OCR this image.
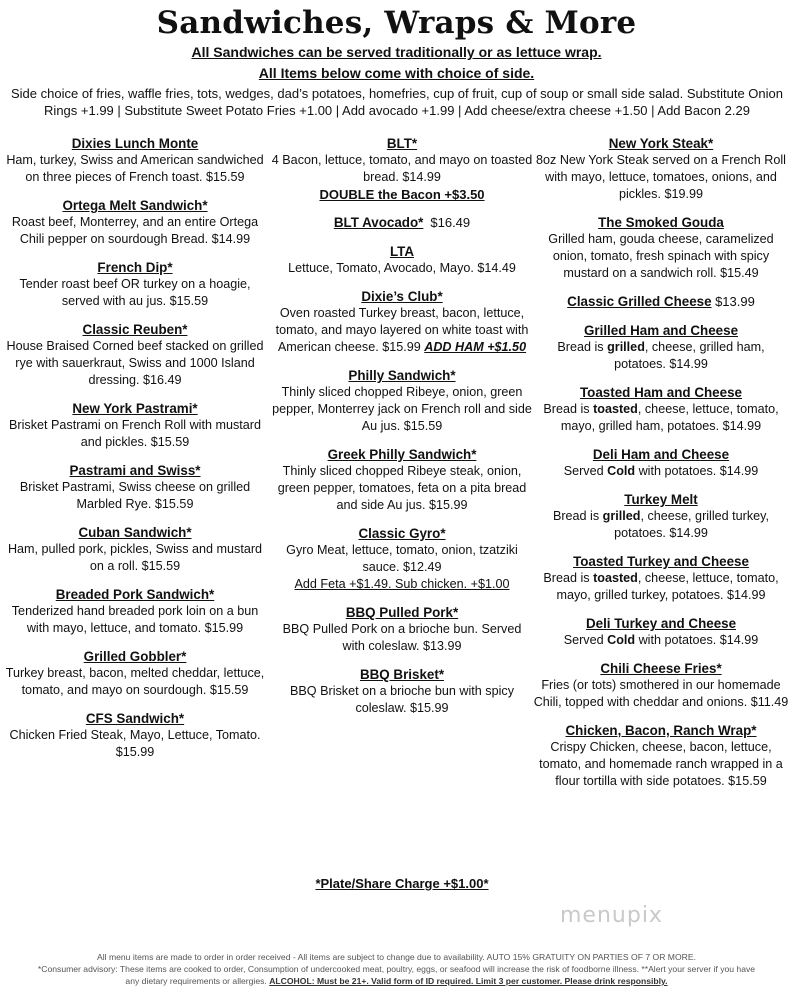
Sandwiches, Wraps & More
All Sandwiches can be served traditionally or as lettuce wrap.
All Items below come with choice of side.
Side choice of fries, waffle fries, tots, wedges, dad’s potatoes, homefries, cup of fruit, cup of soup or small side salad. Substitute Onion Rings +1.99 | Substitute Sweet Potato Fries +1.00 | Add avocado +1.99 | Add cheese/extra cheese +1.50 | Add Bacon 2.29
Dixies Lunch Monte
Ham, turkey, Swiss and American sandwiched on three pieces of French toast. $15.59
Ortega Melt Sandwich*
Roast beef, Monterrey, and an entire Ortega Chili pepper on sourdough Bread. $14.99
French Dip*
Tender roast beef OR turkey on a hoagie, served with au jus. $15.59
Classic Reuben*
House Braised Corned beef stacked on grilled rye with sauerkraut, Swiss and 1000 Island dressing. $16.49
New York Pastrami*
Brisket Pastrami on French Roll with mustard and pickles. $15.59
Pastrami and Swiss*
Brisket Pastrami, Swiss cheese on grilled Marbled Rye. $15.59
Cuban Sandwich*
Ham, pulled pork, pickles, Swiss and mustard on a roll. $15.59
Breaded Pork Sandwich*
Tenderized hand breaded pork loin on a bun with mayo, lettuce, and tomato. $15.99
Grilled Gobbler*
Turkey breast, bacon, melted cheddar, lettuce, tomato, and mayo on sourdough. $15.59
CFS Sandwich*
Chicken Fried Steak, Mayo, Lettuce, Tomato. $15.99
BLT*
4 Bacon, lettuce, tomato, and mayo on toasted bread. $14.99
DOUBLE the Bacon +$3.50
BLT Avocado* $16.49
LTA
Lettuce, Tomato, Avocado, Mayo. $14.49
Dixie’s Club*
Oven roasted Turkey breast, bacon, lettuce, tomato, and mayo layered on white toast with American cheese. $15.99 ADD HAM +$1.50
Philly Sandwich*
Thinly sliced chopped Ribeye, onion, green pepper, Monterrey jack on French roll and side Au jus. $15.59
Greek Philly Sandwich*
Thinly sliced chopped Ribeye steak, onion, green pepper, tomatoes, feta on a pita bread and side Au jus. $15.99
Classic Gyro*
Gyro Meat, lettuce, tomato, onion, tzatziki sauce. $12.49
Add Feta +$1.49. Sub chicken. +$1.00
BBQ Pulled Pork*
BBQ Pulled Pork on a brioche bun. Served with coleslaw. $13.99
BBQ Brisket*
BBQ Brisket on a brioche bun with spicy coleslaw. $15.99
*Plate/Share Charge +$1.00*
New York Steak*
8oz New York Steak served on a French Roll with mayo, lettuce, tomatoes, onions, and pickles. $19.99
The Smoked Gouda
Grilled ham, gouda cheese, caramelized onion, tomato, fresh spinach with spicy mustard on a sandwich roll. $15.49
Classic Grilled Cheese $13.99
Grilled Ham and Cheese
Bread is grilled, cheese, grilled ham, potatoes. $14.99
Toasted Ham and Cheese
Bread is toasted, cheese, lettuce, tomato, mayo, grilled ham, potatoes. $14.99
Deli Ham and Cheese
Served Cold with potatoes. $14.99
Turkey Melt
Bread is grilled, cheese, grilled turkey, potatoes. $14.99
Toasted Turkey and Cheese
Bread is toasted, cheese, lettuce, tomato, mayo, grilled turkey, potatoes. $14.99
Deli Turkey and Cheese
Served Cold with potatoes. $14.99
Chili Cheese Fries*
Fries (or tots) smothered in our homemade Chili, topped with cheddar and onions. $11.49
Chicken, Bacon, Ranch Wrap*
Crispy Chicken, cheese, bacon, lettuce, tomato, and homemade ranch wrapped in a flour tortilla with side potatoes. $15.59
menupix
All menu items are made to order in order received - All items are subject to change due to availability. AUTO 15% GRATUITY ON PARTIES OF 7 OR MORE.
*Consumer advisory: These items are cooked to order, Consumption of undercooked meat, poultry, eggs, or seafood will increase the risk of foodborne illness. **Alert your server if you have any dietary requirements or allergies. ALCOHOL: Must be 21+. Valid form of ID required. Limit 3 per customer. Please drink responsibly.
